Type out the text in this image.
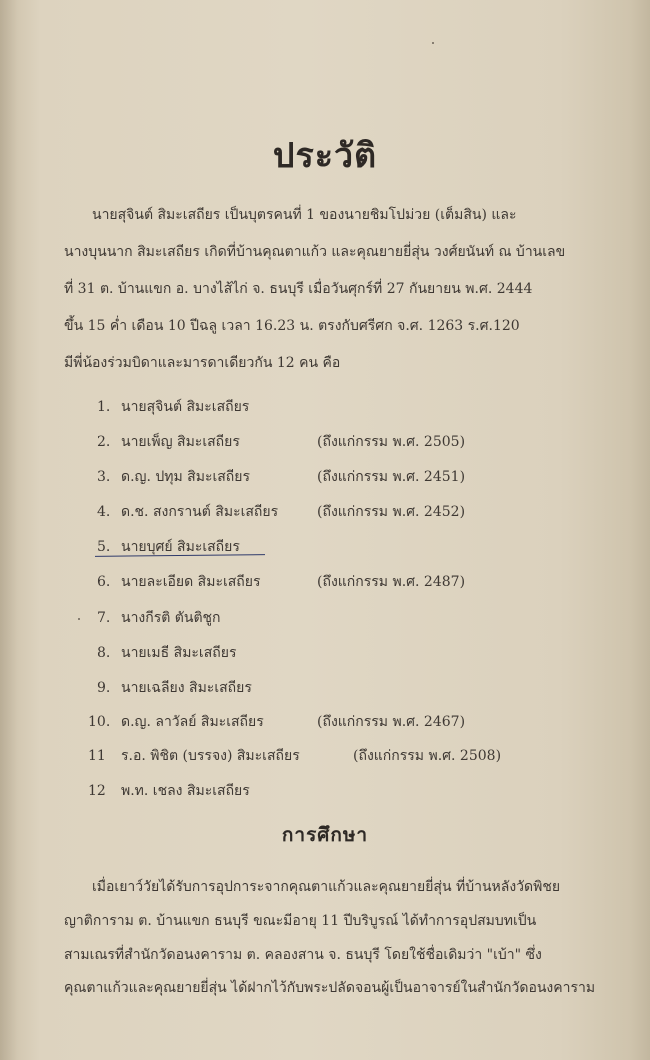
ประวัติ
นายสุจินต์ สิมะเสถียร เป็นบุตรคนที่ 1 ของนายชิมโปม่วย (เต็มสิน) และ
นางบุนนาก สิมะเสถียร เกิดที่บ้านคุณตาแก้ว และคุณยายยี่สุ่น วงศ์ยนันท์ ณ บ้านเลข
ที่ 31 ต. บ้านแขก อ. บางไส้ไก่ จ. ธนบุรี เมื่อวันศุกร์ที่ 27 กันยายน พ.ศ. 2444
ขึ้น 15 ค่ำ เดือน 10 ปีฉลู เวลา 16.23 น. ตรงกับศรีศก จ.ศ. 1263 ร.ศ.120
มีพี่น้องร่วมบิดาและมารดาเดียวกัน 12 คน คือ
1. นายสุจินต์ สิมะเสถียร
2. นายเพ็ญ สิมะเสถียร	(ถึงแก่กรรม พ.ศ. 2505)
3. ด.ญ. ปทุม สิมะเสถียร	(ถึงแก่กรรม พ.ศ. 2451)
4. ด.ช. สงกรานต์ สิมะเสถียร	(ถึงแก่กรรม พ.ศ. 2452)
5. นายบุศย์ สิมะเสถียร
6. นายละเอียด สิมะเสถียร	(ถึงแก่กรรม พ.ศ. 2487)
7. นางกีรติ ตันติชูก
8. นายเมธี สิมะเสถียร
9. นายเฉลียง สิมะเสถียร
10. ด.ญ. ลาวัลย์ สิมะเสถียร	(ถึงแก่กรรม พ.ศ. 2467)
11 ร.อ. พิชิต (บรรจง) สิมะเสถียร	(ถึงแก่กรรม พ.ศ. 2508)
12 พ.ท. เชลง สิมะเสถียร
การศึกษา
เมื่อเยาว์วัยได้รับการอุปการะจากคุณตาแก้วและคุณยายยี่สุ่น ที่บ้านหลังวัดพิชย
ญาติการาม ต. บ้านแขก ธนบุรี ขณะมีอายุ 11 ปีบริบูรณ์ ได้ทำการอุปสมบทเป็น
สามเณรที่สำนักวัดอนงคาราม ต. คลองสาน จ. ธนบุรี โดยใช้ชื่อเดิมว่า "เบ้า" ซึ่ง
คุณตาแก้วและคุณยายยี่สุ่น ได้ฝากไว้กับพระปลัดจอนผู้เป็นอาจารย์ในสำนักวัดอนงคาราม
